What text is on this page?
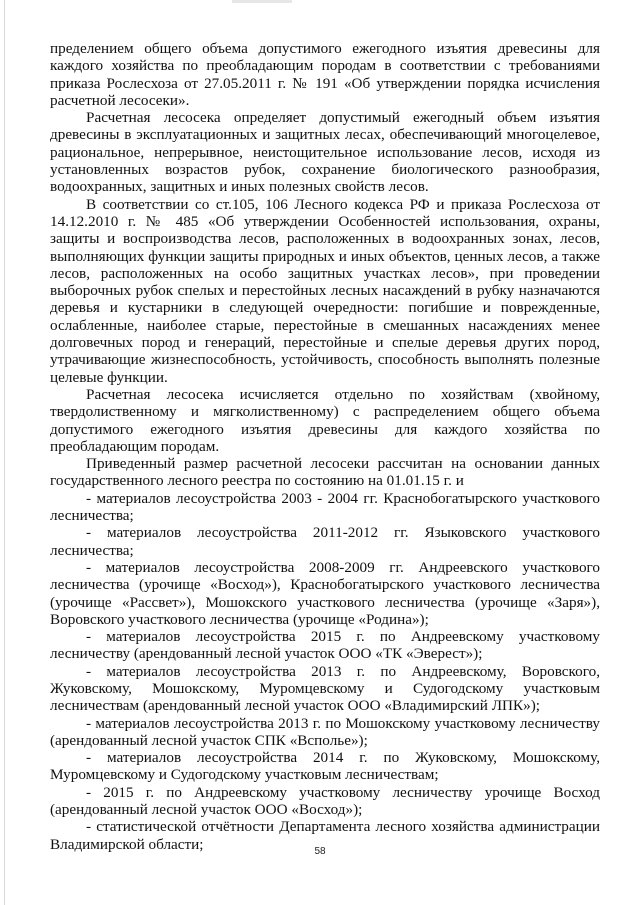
пределением общего объема допустимого ежегодного изъятия древесины для каждого хозяйства по преобладающим породам в соответствии с требованиями приказа Рослесхоза от 27.05.2011 г. № 191 «Об утверждении порядка исчисления расчетной лесосеки».

Расчетная лесосека определяет допустимый ежегодный объем изъятия древесины в эксплуатационных и защитных лесах, обеспечивающий многоцелевое, рациональное, непрерывное, неистощительное использование лесов, исходя из установленных возрастов рубок, сохранение биологического разнообразия, водоохранных, защитных и иных полезных свойств лесов.

В соответствии со ст.105, 106 Лесного кодекса РФ и приказа Рослесхоза от 14.12.2010 г. № 485 «Об утверждении Особенностей использования, охраны, защиты и воспроизводства лесов, расположенных в водоохранных зонах, лесов, выполняющих функции защиты природных и иных объектов, ценных лесов, а также лесов, расположенных на особо защитных участках лесов», при проведении выборочных рубок спелых и перестойных лесных насаждений в рубку назначаются деревья и кустарники в следующей очередности: погибшие и поврежденные, ослабленные, наиболее старые, перестойные в смешанных насаждениях менее долговечных пород и генераций, перестойные и спелые деревья других пород, утрачивающие жизнеспособность, устойчивость, способность выполнять полезные целевые функции.

Расчетная лесосека исчисляется отдельно по хозяйствам (хвойному, твердолиственному и мягколиственному) с распределением общего объема допустимого ежегодного изъятия древесины для каждого хозяйства по преобладающим породам.

Приведенный размер расчетной лесосеки рассчитан на основании данных государственного лесного реестра по состоянию на 01.01.15 г. и

- материалов лесоустройства 2003 - 2004 гг. Краснобогатырского участкового лесничества;

- материалов лесоустройства 2011-2012 гг. Языковского участкового лесничества;

- материалов лесоустройства 2008-2009 гг. Андреевского участкового лесничества (урочище «Восход»), Краснобогатырского участкового лесничества (урочище «Рассвет»), Мошокского участкового лесничества (урочище «Заря»), Воровского участкового лесничества (урочище «Родина»);

- материалов лесоустройства 2015 г. по Андреевскому участковому лесничеству (арендованный лесной участок ООО «ТК «Эверест»);

- материалов лесоустройства 2013 г. по Андреевскому, Воровского, Жуковскому, Мошокскому, Муромцевскому и Судогодскому участковым лесничествам (арендованный лесной участок ООО «Владимирский ЛПК»);

- материалов лесоустройства 2013 г. по Мошокскому участковому лесничеству (арендованный лесной участок СПК «Всполье»);

- материалов лесоустройства 2014 г. по Жуковскому, Мошокскому, Муромцевскому и Судогодскому участковым лесничествам;

- 2015 г. по Андреевскому участковому лесничеству урочище Восход (арендованный лесной участок ООО «Восход»);

- статистической отчётности Департамента лесного хозяйства администрации Владимирской области;	58
